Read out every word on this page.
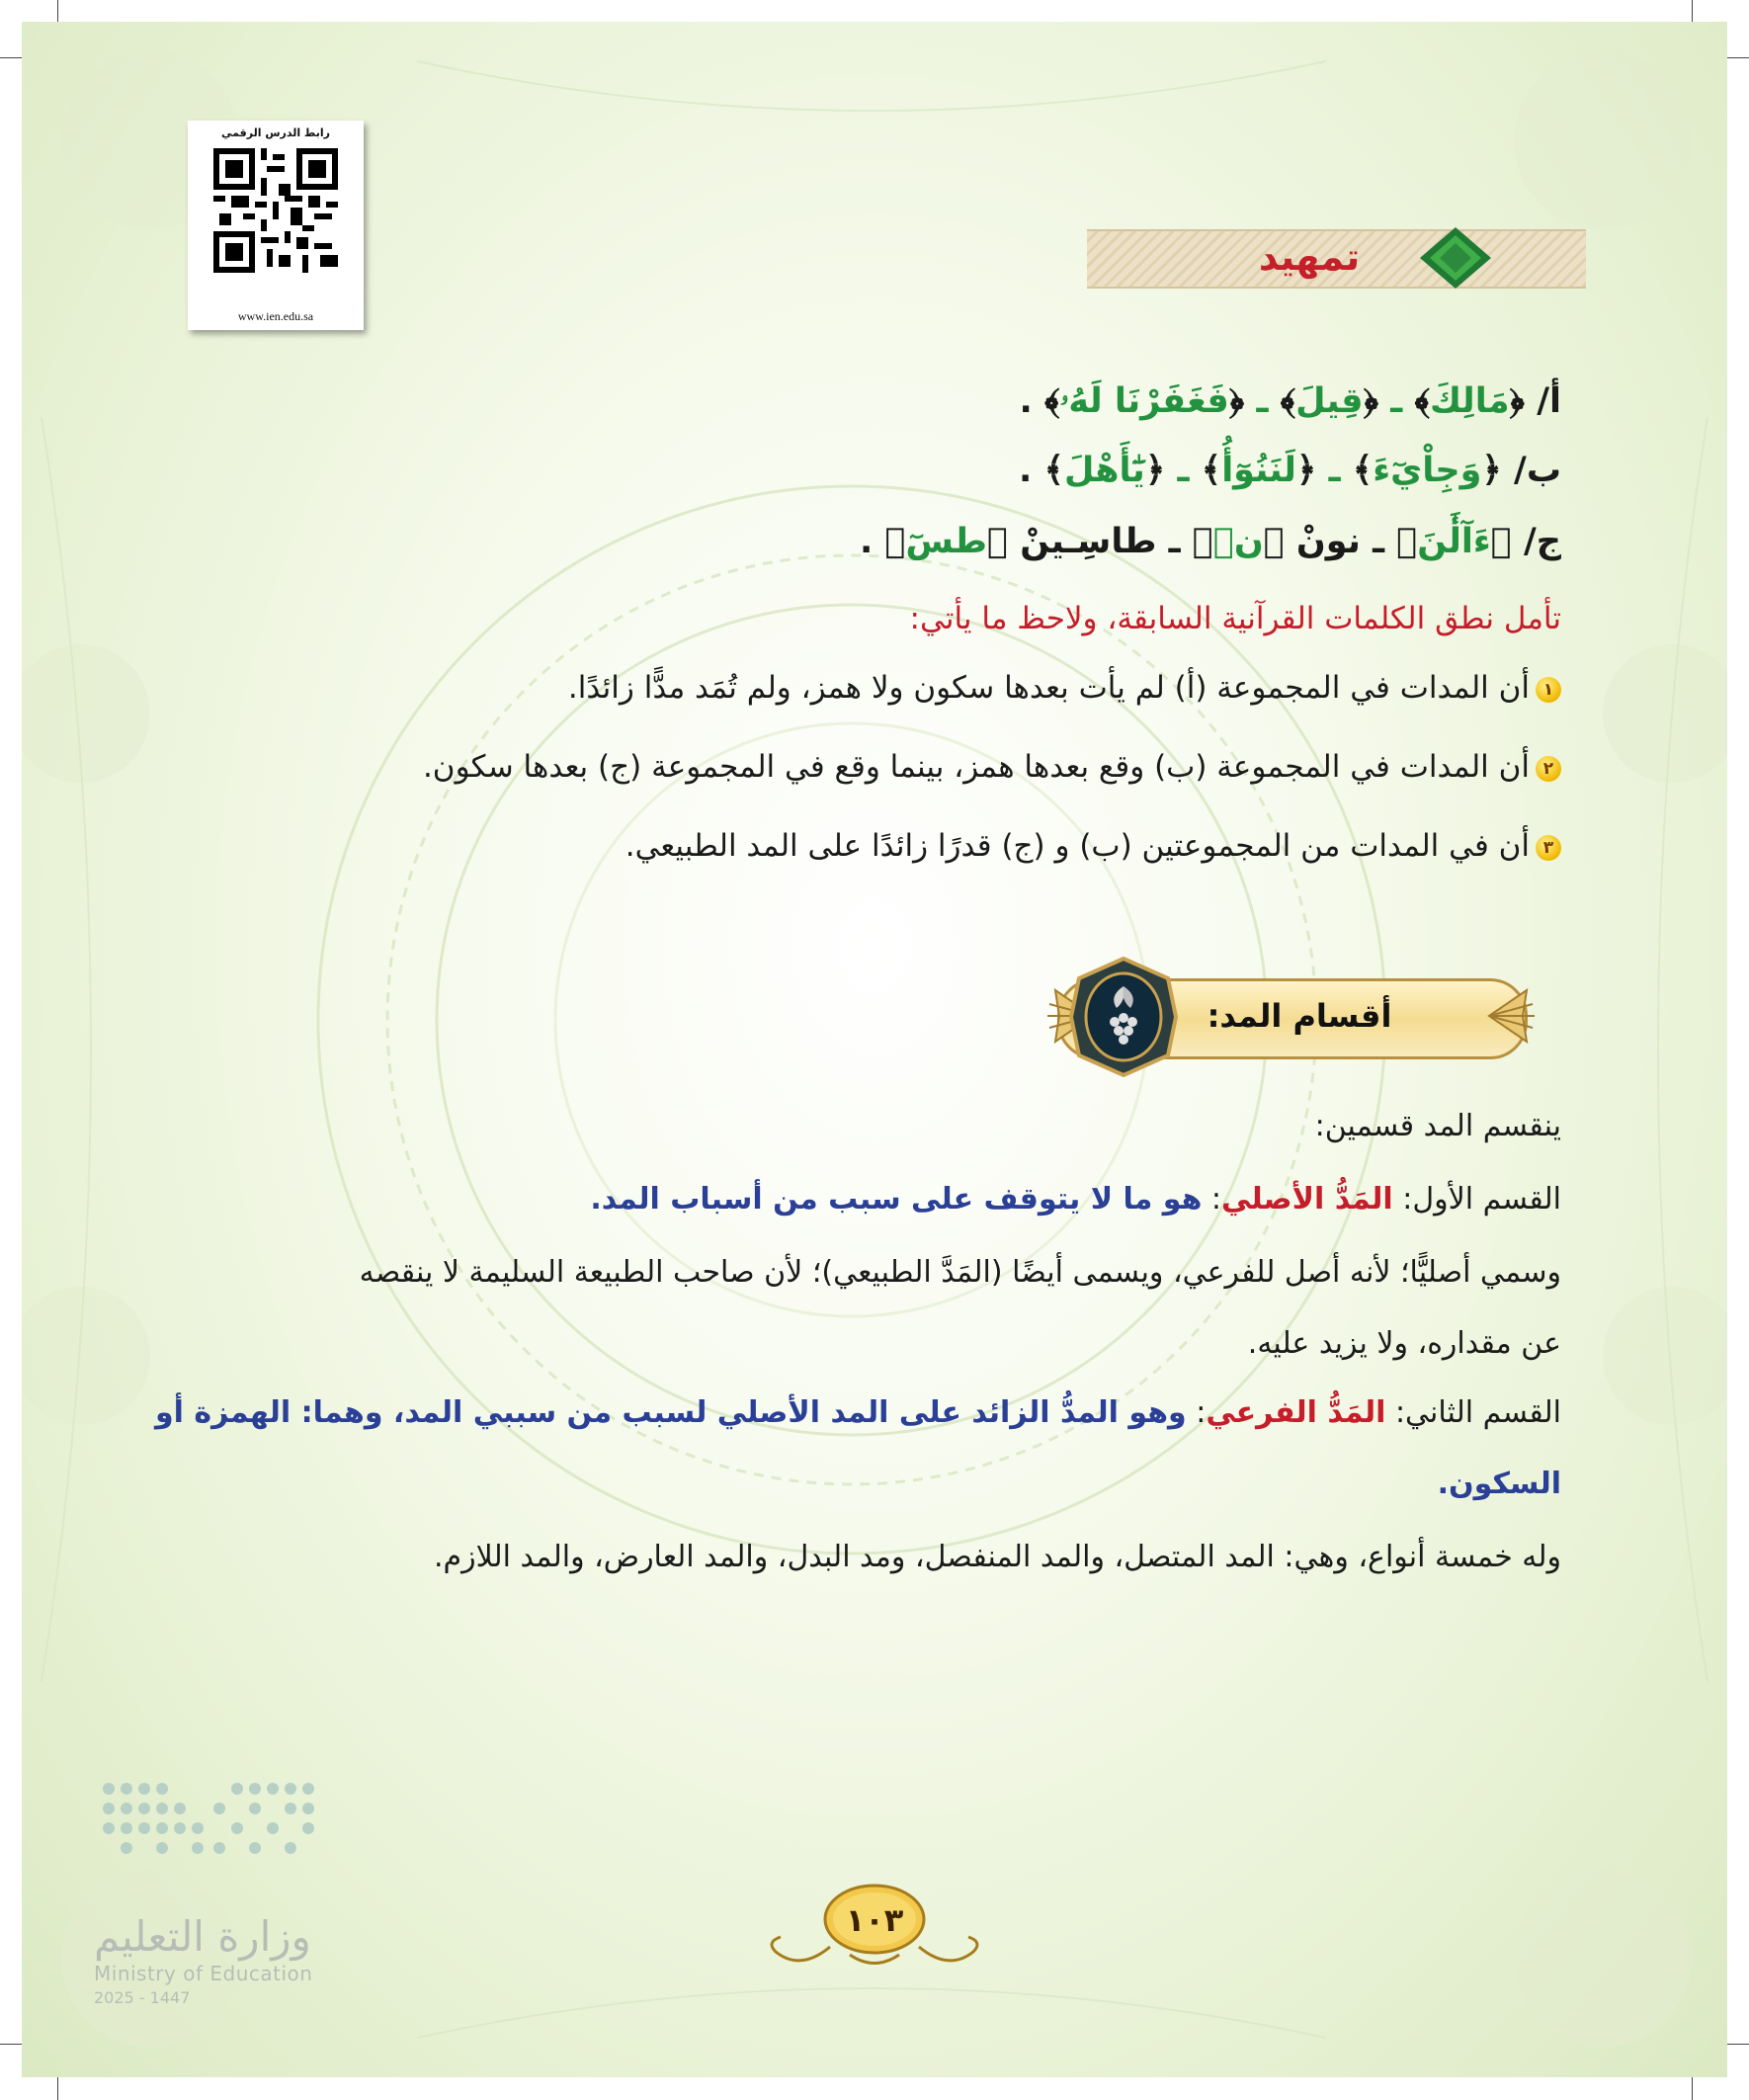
رابط الدرس الرقمي
www.ien.edu.sa
تمهيد
أ/ ﴿مَالِكَ﴾ ـ ﴿قِيلَ﴾ ـ ﴿فَغَفَرْنَا لَهُۥ﴾ .
ب/ ﴿وَجِاْيٓءَ﴾ ـ ﴿لَنَنُوٓأُ﴾ ـ ﴿يَٰٓأَهْلَ﴾ .
ج/ ﴿ءَآلَٰٔنَ﴾ ـ نونْ ﴿نۤ﴾ ـ طاسِـينْ ﴿طسٓ﴾ .
تأمل نطق الكلمات القرآنية السابقة، ولاحظ ما يأتي:
١أن المدات في المجموعة (أ) لم يأت بعدها سكون ولا همز، ولم تُمَد مدًّا زائدًا.
٢أن المدات في المجموعة (ب) وقع بعدها همز، بينما وقع في المجموعة (ج) بعدها سكون.
٣أن في المدات من المجموعتين (ب) و (ج) قدرًا زائدًا على المد الطبيعي.
أقسام المد:
ينقسم المد قسمين:
القسم الأول: المَدُّ الأصلي: هو ما لا يتوقف على سبب من أسباب المد.
وسمي أصليًّا؛ لأنه أصل للفرعي، ويسمى أيضًا (المَدَّ الطبيعي)؛ لأن صاحب الطبيعة السليمة لا ينقصه
عن مقداره، ولا يزيد عليه.
القسم الثاني: المَدُّ الفرعي: وهو المدُّ الزائد على المد الأصلي لسبب من سببي المد، وهما: الهمزة أو
السكون.
وله خمسة أنواع، وهي: المد المتصل، والمد المنفصل، ومد البدل، والمد العارض، والمد اللازم.
وزارة التعليم
Ministry of Education
2025 - 1447
١٠٣
